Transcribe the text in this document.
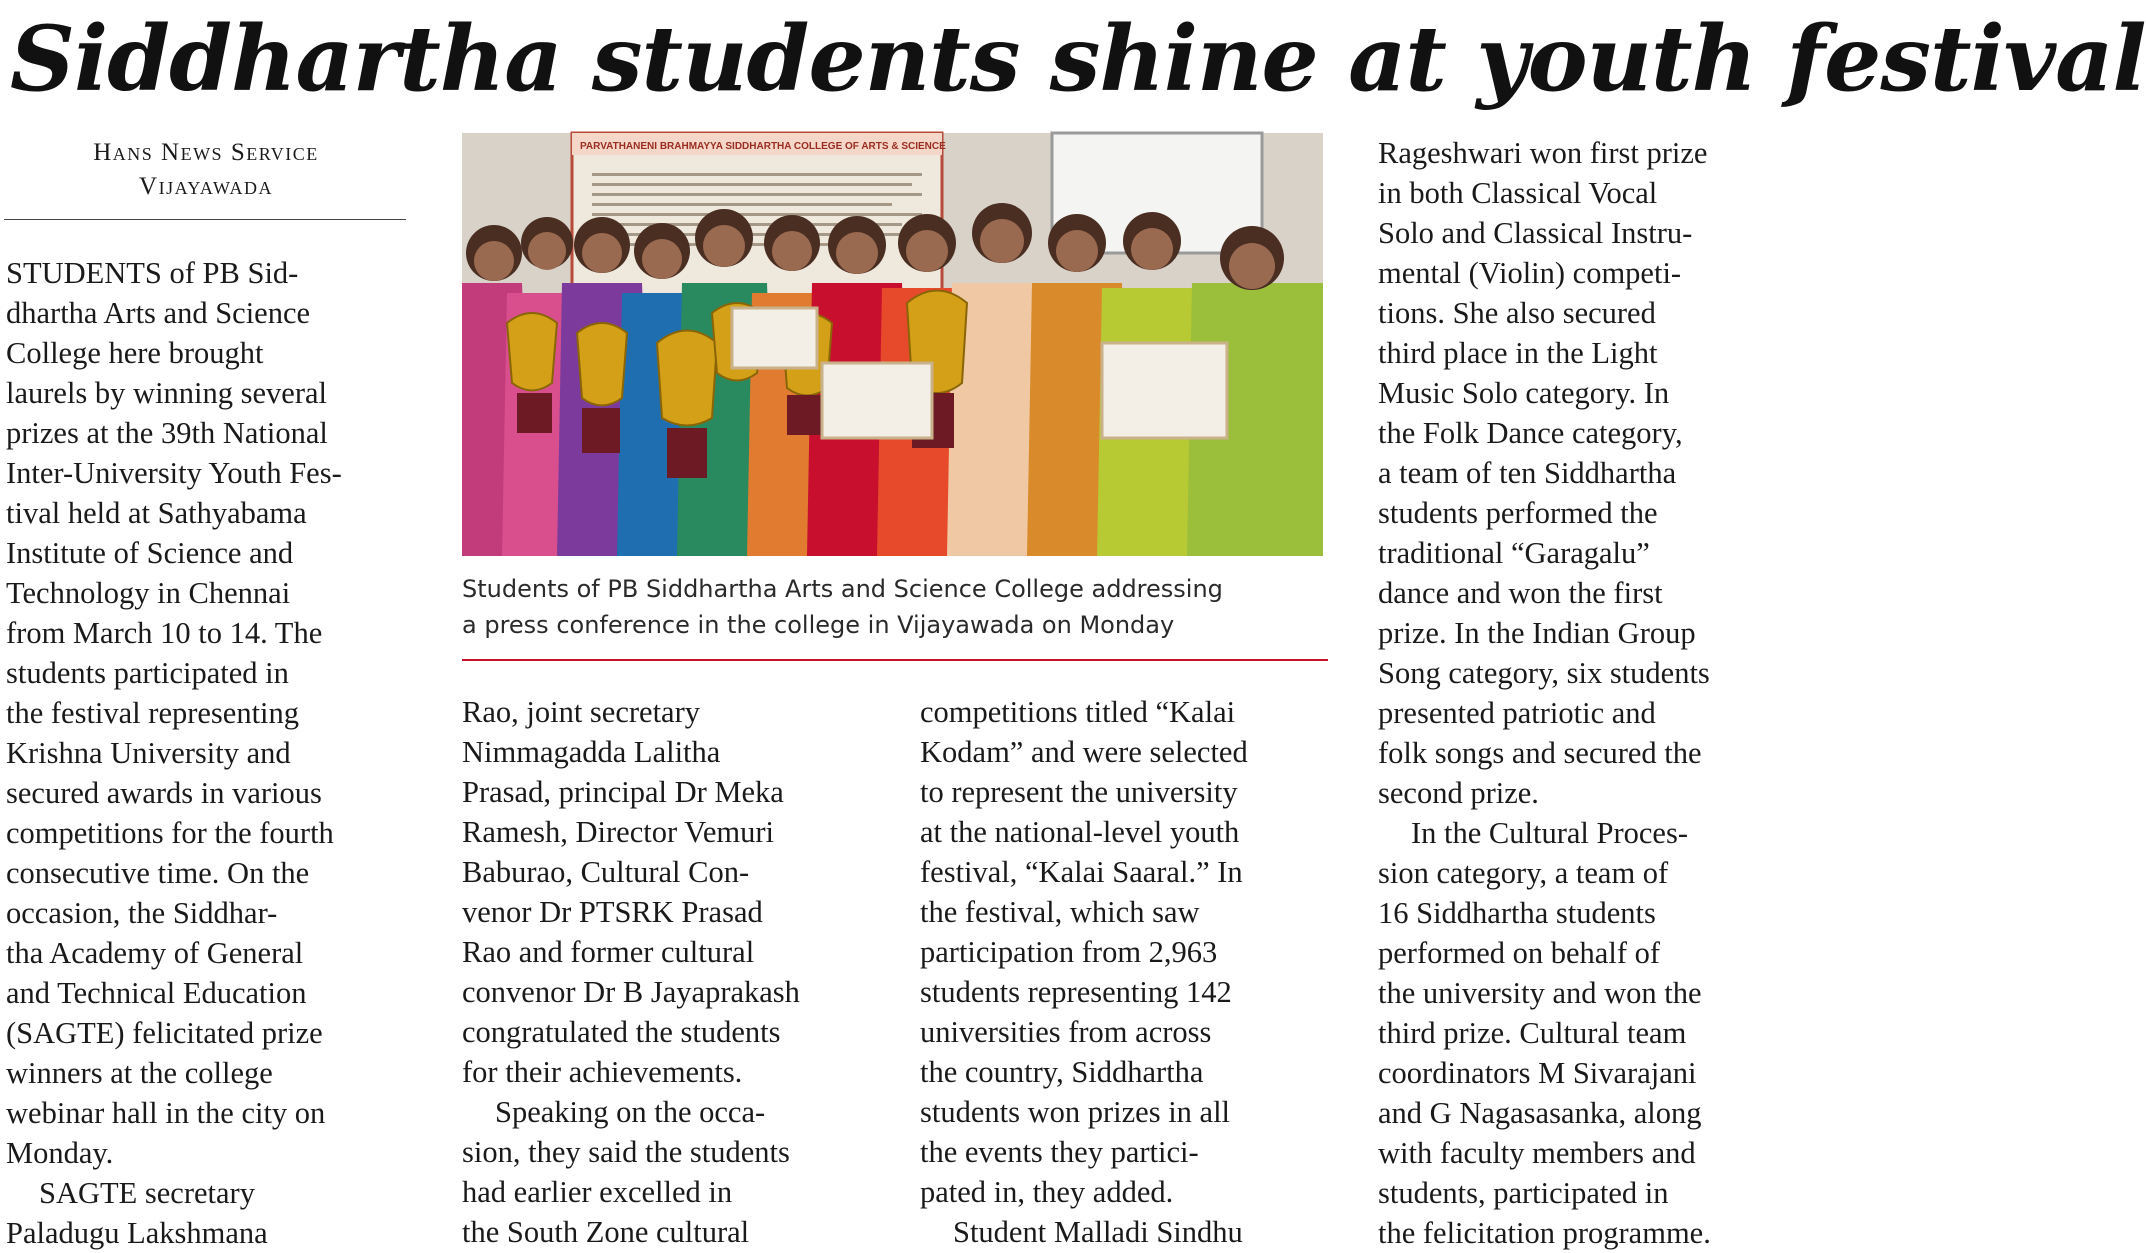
Siddhartha students shine at youth festival
Hans News Service
Vijayawada

STUDENTS of PB Sid-

dhartha Arts and Science

College here brought

laurels by winning several

prizes at the 39th National

Inter-University Youth Fes-

tival held at Sathyabama

Institute of Science and

Technology in Chennai

from March 10 to 14. The

students participated in

the festival representing

Krishna University and

secured awards in various

competitions for the fourth

consecutive time. On the

occasion, the Siddhar-

tha Academy of General

and Technical Education

(SAGTE) felicitated prize

winners at the college

webinar hall in the city on

Monday.

SAGTE secretary

Paladugu Lakshmana

PARVATHANENI BRAHMAYYA SIDDHARTHA COLLEGE OF ARTS & SCIENCE
Students of PB Siddhartha Arts and Science College addressing
a press conference in the college in Vijayawada on Monday

Rao, joint secretary

Nimmagadda Lalitha

Prasad, principal Dr Meka

Ramesh, Director Vemuri

Baburao, Cultural Con-

venor Dr PTSRK Prasad

Rao and former cultural

convenor Dr B Jayaprakash

congratulated the students

for their achievements.

Speaking on the occa-

sion, they said the students

had earlier excelled in

the South Zone cultural

competitions titled “Kalai

Kodam” and were selected

to represent the university

at the national-level youth

festival, “Kalai Saaral.” In

the festival, which saw

participation from 2,963

students representing 142

universities from across

the country, Siddhartha

students won prizes in all

the events they partici-

pated in, they added.

Student Malladi Sindhu

Rageshwari won first prize

in both Classical Vocal

Solo and Classical Instru-

mental (Violin) competi-

tions. She also secured

third place in the Light

Music Solo category. In

the Folk Dance category,

a team of ten Siddhartha

students performed the

traditional “Garagalu”

dance and won the first

prize. In the Indian Group

Song category, six students

presented patriotic and

folk songs and secured the

second prize.

In the Cultural Proces-

sion category, a team of

16 Siddhartha students

performed on behalf of

the university and won the

third prize. Cultural team

coordinators M Sivarajani

and G Nagasasanka, along

with faculty members and

students, participated in

the felicitation programme.
